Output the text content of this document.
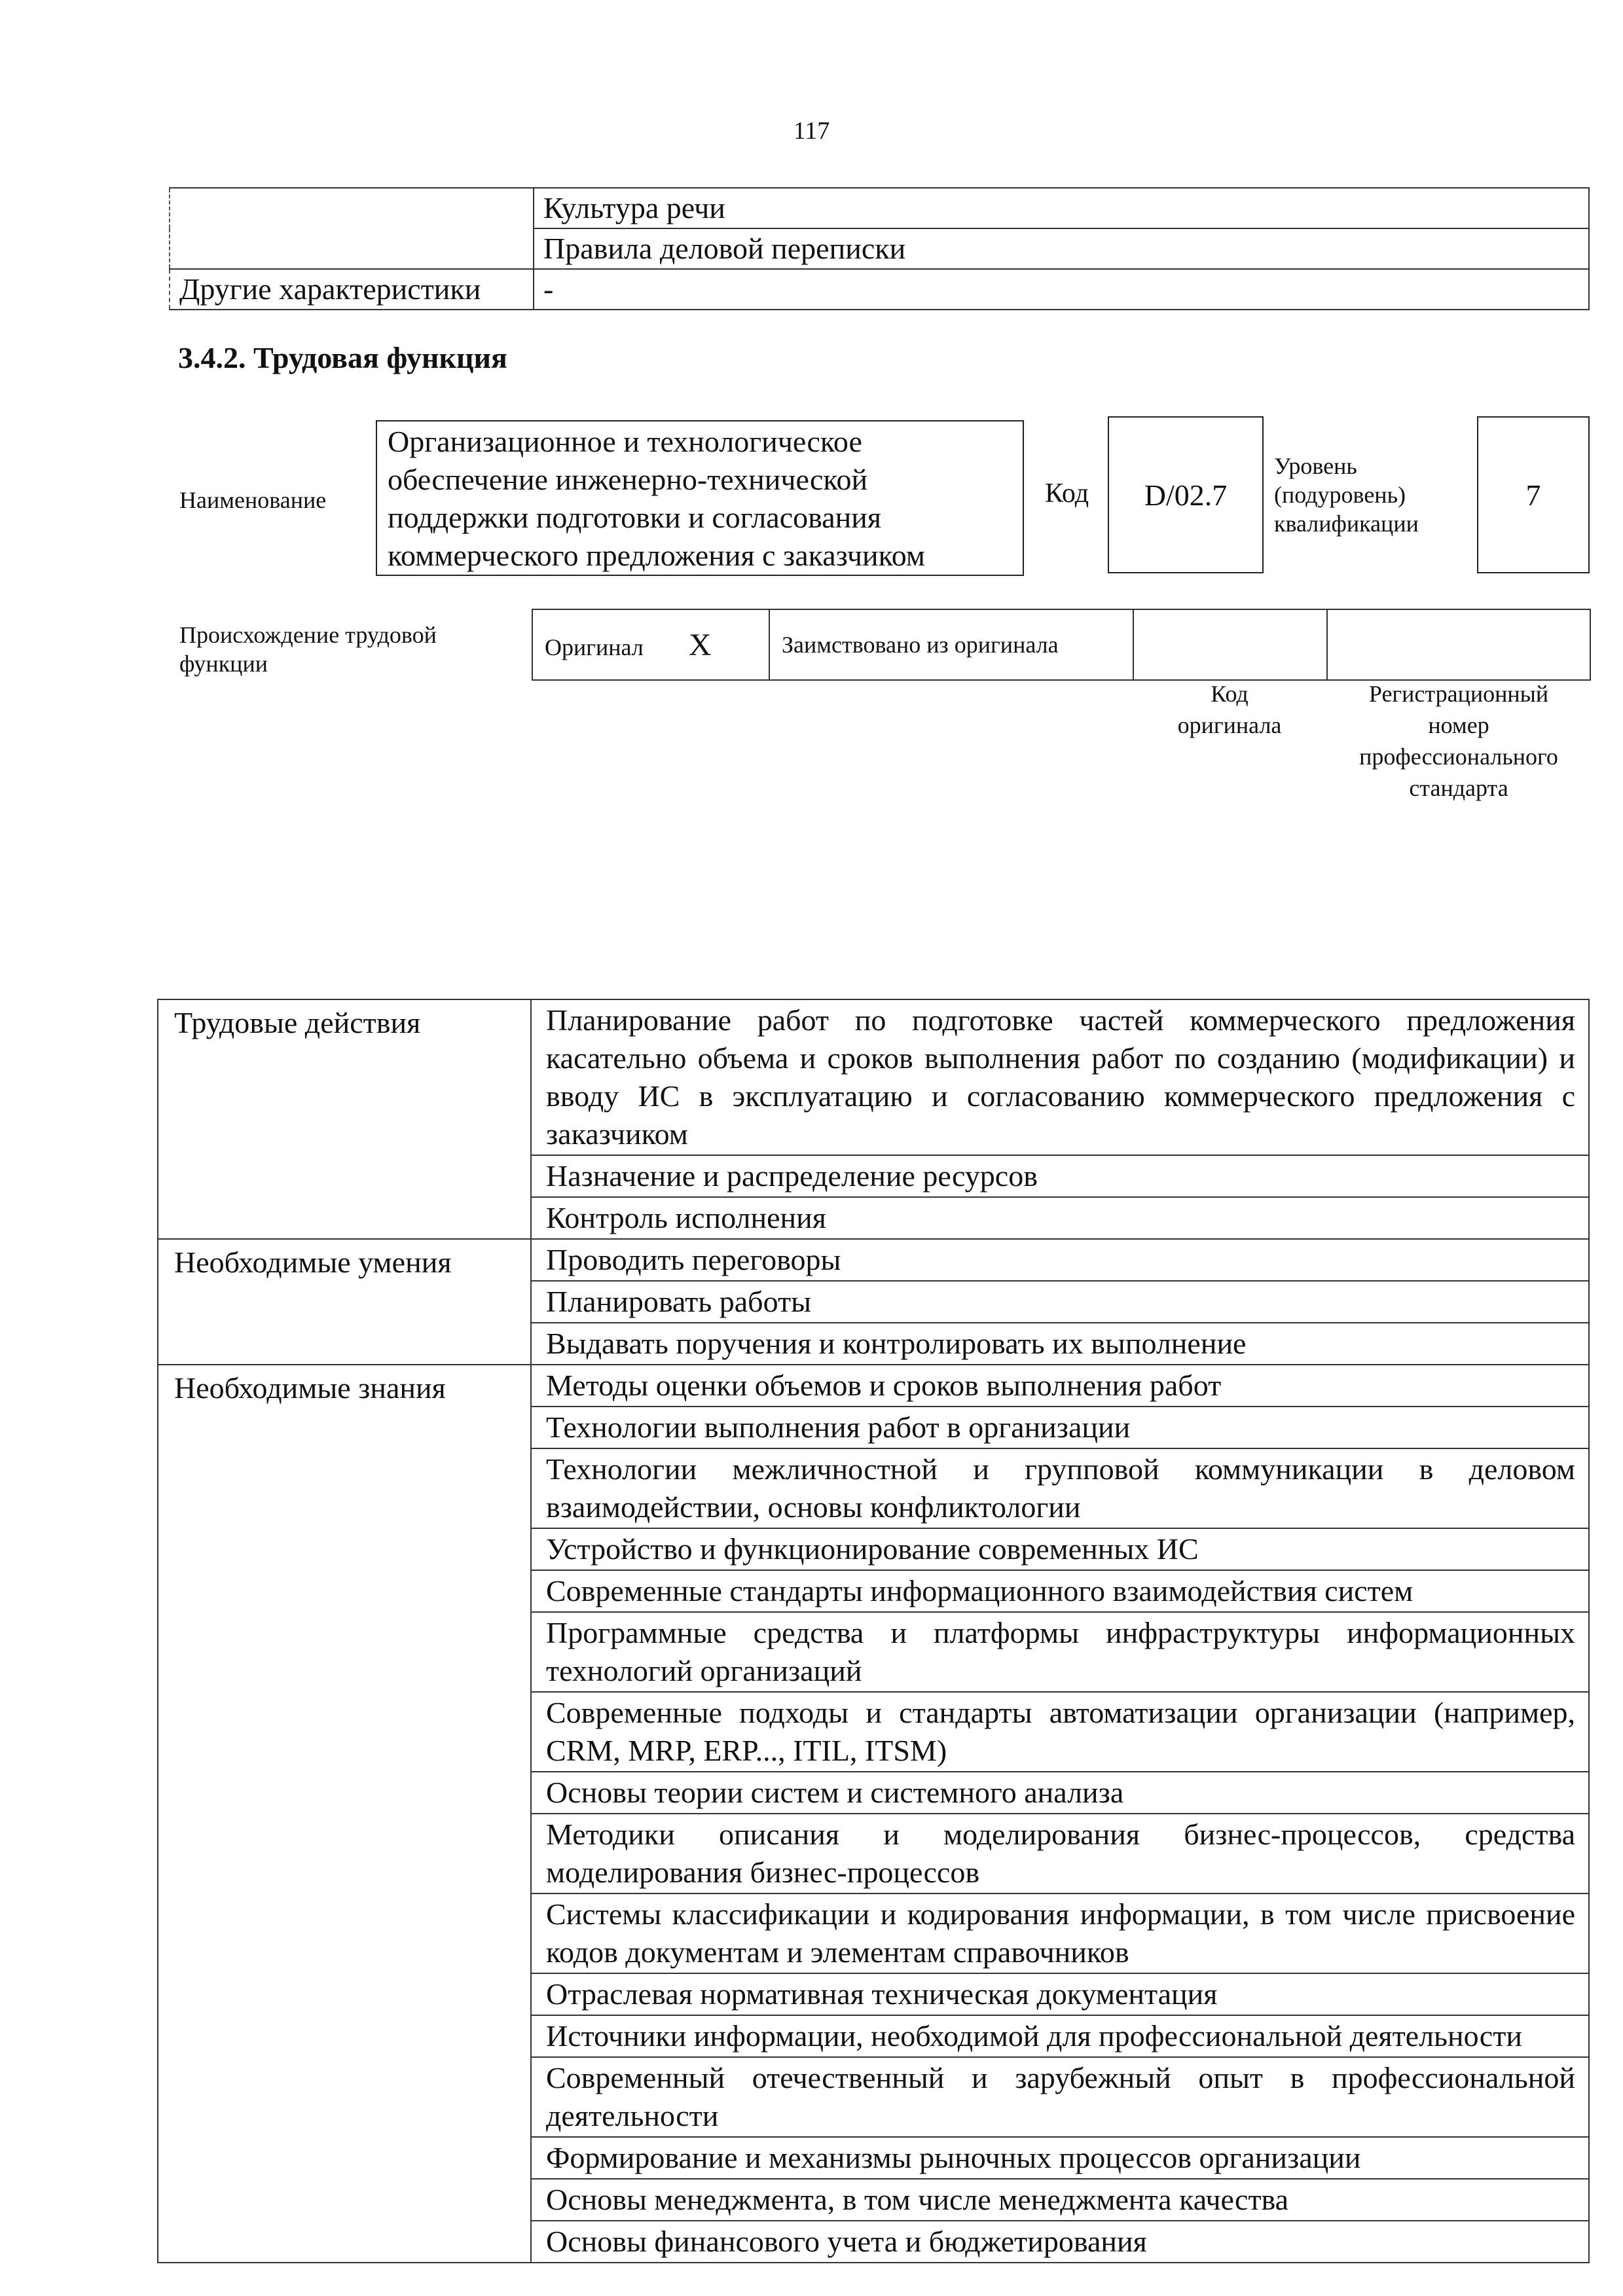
117
	Культура речи
	Правила деловой переписки
Другие характеристики	-
3.4.2. Трудовая функция
Наименование
Организационное и технологическое
обеспечение инженерно-технической
поддержки подготовки и согласования
коммерческого предложения с заказчиком
Код	D/02.7
Уровень
(подуровень)
квалификации
7
Происхождение трудовой
функции
Оригинал X	Заимствовано из оригинала		
Код
оригинала
Регистрационный
номер
профессионального
стандарта
Трудовые действия	Планирование работ по подготовке частей коммерческого предложения касательно объема и сроков выполнения работ по созданию (модификации) и вводу ИС в эксплуатацию и согласованию коммерческого предложения с заказчиком
	Назначение и распределение ресурсов
	Контроль исполнения
Необходимые умения	Проводить переговоры
	Планировать работы
	Выдавать поручения и контролировать их выполнение
Необходимые знания	Методы оценки объемов и сроков выполнения работ
	Технологии выполнения работ в организации
	Технологии межличностной и групповой коммуникации в деловом взаимодействии, основы конфликтологии
	Устройство и функционирование современных ИС
	Современные стандарты информационного взаимодействия систем
	Программные средства и платформы инфраструктуры информационных технологий организаций
	Современные подходы и стандарты автоматизации организации (например, CRM, MRP, ERP..., ITIL, ITSM)
	Основы теории систем и системного анализа
	Методики описания и моделирования бизнес-процессов, средства моделирования бизнес-процессов
	Системы классификации и кодирования информации, в том числе присвоение кодов документам и элементам справочников
	Отраслевая нормативная техническая документация
	Источники информации, необходимой для профессиональной деятельности
	Современный отечественный и зарубежный опыт в профессиональной деятельности
	Формирование и механизмы рыночных процессов организации
	Основы менеджмента, в том числе менеджмента качества
	Основы финансового учета и бюджетирования
